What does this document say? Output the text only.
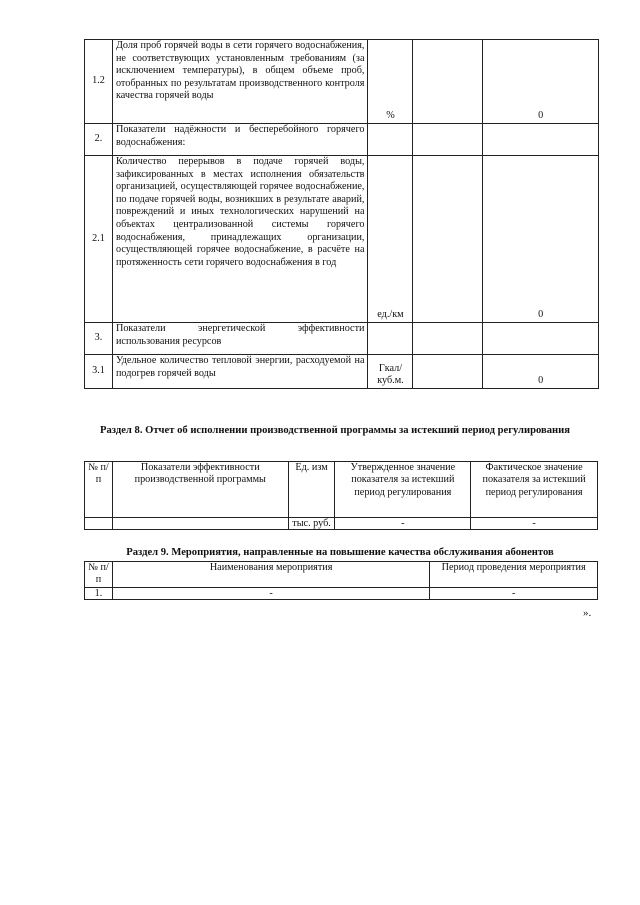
1.2	Доля проб горячей воды в сети горячего водоснабжения, не соответствующих установленным требованиям (за исключением температуры), в общем объеме проб, отобранных по результатам производственного контроля качества горячей воды	%		0
2.	Показатели надёжности и бесперебойного горячего водоснабжения:			
2.1	Количество перерывов в подаче горячей воды, зафиксированных в местах исполнения обязательств организацией, осуществляющей горячее водоснабжение, по подаче горячей воды, возникших в результате аварий, повреждений и иных технологических нарушений на объектах централизованной системы горячего водоснабжения, принадлежащих организации, осуществляющей горячее водоснабжение, в расчёте на протяженность сети горячего водоснабжения в год	ед./км		0
3.	Показатели энергетической эффективности использования ресурсов			
3.1	Удельное количество тепловой энергии, расходуемой на подогрев горячей воды	Гкал/ куб.м.		0
Раздел 8. Отчет об исполнении производственной программы за истекший период регулирования
№ п/п	Показатели эффективности производственной программы	Ед. изм	Утвержденное значение показателя за истекший период регулирования	Фактическое значение показателя за истекший период регулирования
		тыс. руб.	-	-
Раздел 9. Мероприятия, направленные на повышение качества обслуживания абонентов
№ п/п	Наименования мероприятия	Период проведения мероприятия
1.	-	-
».
